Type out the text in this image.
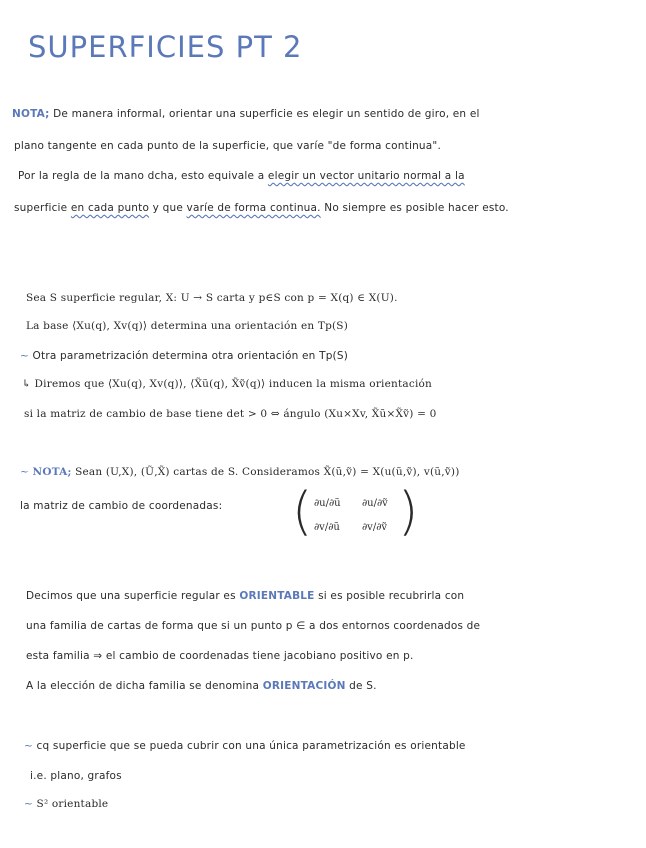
SUPERFICIES PT 2
NOTA; De manera informal, orientar una superficie es elegir un sentido de giro, en el
plano tangente en cada punto de la superficie, que varíe "de forma continua".
Por la regla de la mano dcha, esto equivale a elegir un vector unitario normal a la
superficie en cada punto y que varíe de forma continua. No siempre es posible hacer esto.
Sea S superficie regular, X: U → S carta y p∈S con p = X(q) ∈ X(U).
La base ⟨Xu(q), Xv(q)⟩ determina una orientación en Tp(S)
~ Otra parametrización determina otra orientación en Tp(S)
↳ Diremos que ⟨Xu(q), Xv(q)⟩, ⟨X̃ũ(q), X̃ṽ(q)⟩ inducen la misma orientación
si la matriz de cambio de base tiene det > 0 ⇔ ángulo (Xu×Xv, X̃ũ×X̃ṽ) = 0
~ NOTA; Sean (U,X), (Ũ,X̃) cartas de S. Consideramos X̃(ũ,ṽ) = X(u(ũ,ṽ), v(ũ,ṽ))
la matriz de cambio de coordenadas: ( ∂u/∂ũ ∂u/∂ṽ
∂v/∂ũ ∂v/∂ṽ )
Decimos que una superficie regular es ORIENTABLE si es posible recubrirla con
una familia de cartas de forma que si un punto p ∈ a dos entornos coordenados de
esta familia ⇒ el cambio de coordenadas tiene jacobiano positivo en p.
A la elección de dicha familia se denomina ORIENTACIÓN de S.
~ cq superficie que se pueda cubrir con una única parametrización es orientable
i.e. plano, grafos
~ S² orientable
